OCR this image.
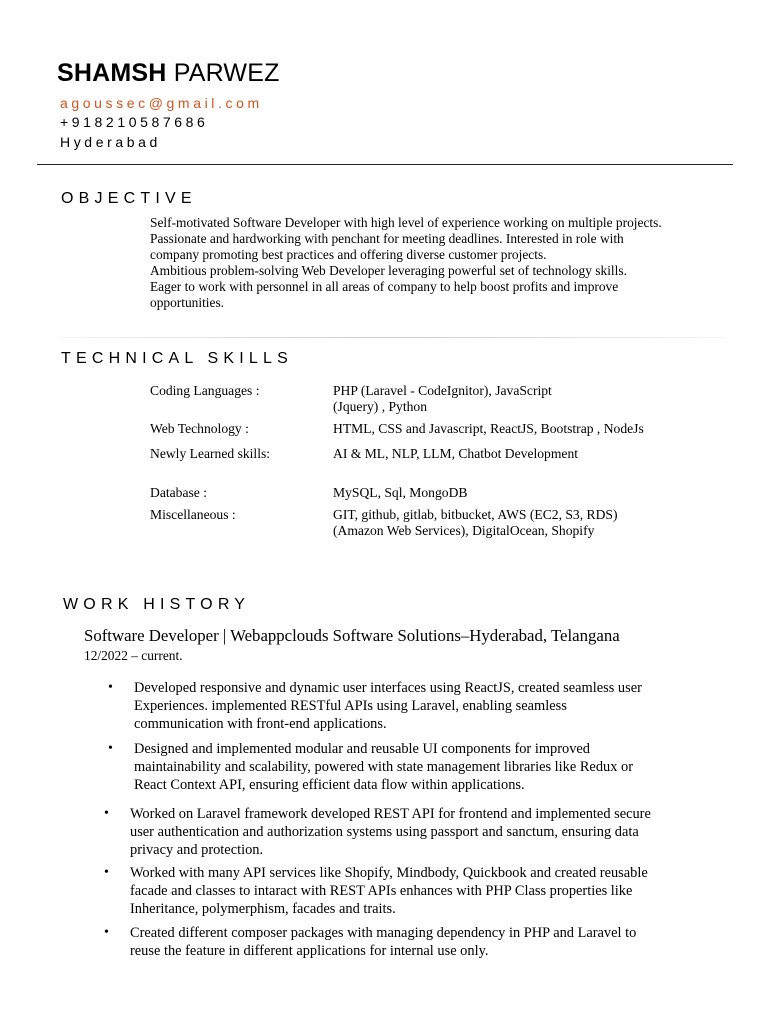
SHAMSH PARWEZ
agoussec@gmail.com
+918210587686
Hyderabad
OBJECTIVE

Self-motivated Software Developer with high level of experience working on multiple projects.

Passionate and hardworking with penchant for meeting deadlines. Interested in role with

company promoting best practices and offering diverse customer projects.

Ambitious problem-solving Web Developer leveraging powerful set of technology skills.

Eager to work with personnel in all areas of company to help boost profits and improve

opportunities.

TECHNICAL SKILLS
Coding Languages :	PHP (Laravel - CodeIgnitor), JavaScript
(Jquery) , Python
Web Technology :	HTML, CSS and Javascript, ReactJS, Bootstrap , NodeJs
Newly Learned skills:	AI & ML, NLP, LLM, Chatbot Development
Database :	MySQL, Sql, MongoDB
Miscellaneous :	GIT, github, gitlab, bitbucket, AWS (EC2, S3, RDS)
(Amazon Web Services), DigitalOcean, Shopify
WORK HISTORY
Software Developer | Webappclouds Software Solutions–Hyderabad, Telangana
12/2022 – current.
• Developed responsive and dynamic user interfaces using ReactJS, created seamless user
Experiences. implemented RESTful APIs using Laravel, enabling seamless
communication with front-end applications.
• Designed and implemented modular and reusable UI components for improved
maintainability and scalability, powered with state management libraries like Redux or
React Context API, ensuring efficient data flow within applications.
• Worked on Laravel framework developed REST API for frontend and implemented secure
user authentication and authorization systems using passport and sanctum, ensuring data
privacy and protection.
• Worked with many API services like Shopify, Mindbody, Quickbook and created reusable
facade and classes to intaract with REST APIs enhances with PHP Class properties like
Inheritance, polymerphism, facades and traits.
• Created different composer packages with managing dependency in PHP and Laravel to
reuse the feature in different applications for internal use only.
